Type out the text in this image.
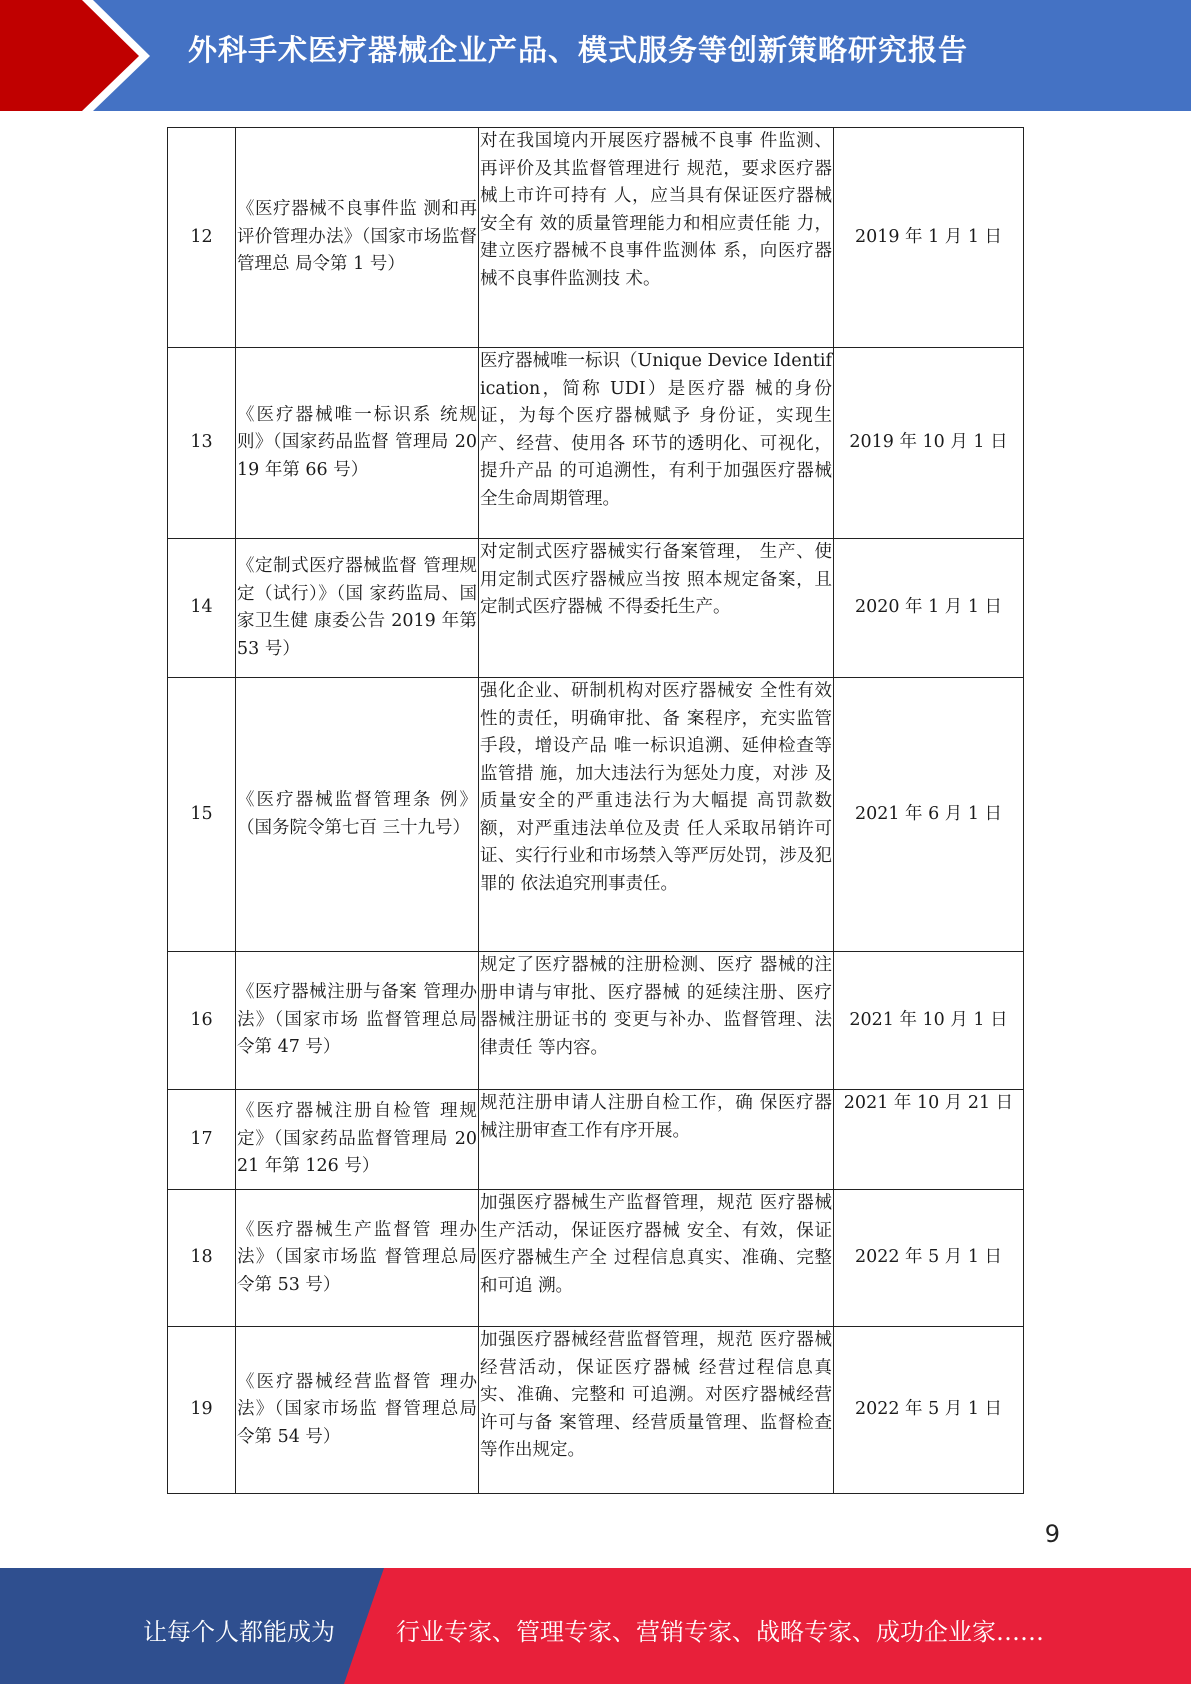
外科手术医疗器械企业产品、模式服务等创新策略研究报告
12	《医疗器械不良事件监 测和再评价管理办法》（国家市场监督管理总 局令第 1 号）	对在我国境内开展医疗器械不良事 件监测、再评价及其监督管理进行 规范，要求医疗器械上市许可持有 人，应当具有保证医疗器械安全有 效的质量管理能力和相应责任能 力，建立医疗器械不良事件监测体 系，向医疗器械不良事件监测技 术。	2019 年 1 月 1 日
13	《医疗器械唯一标识系 统规则》（国家药品监督 管理局 2019 年第 66 号）	医疗器械唯一标识（Unique Device Identification，简称 UDI）是医疗器 械的身份证，为每个医疗器械赋予 身份证，实现生产、经营、使用各 环节的透明化、可视化，提升产品 的可追溯性，有利于加强医疗器械 全生命周期管理。	2019 年 10 月 1 日
14	《定制式医疗器械监督 管理规定（试行）》（国 家药监局、国家卫生健 康委公告 2019 年第 53 号）	对定制式医疗器械实行备案管理， 生产、使用定制式医疗器械应当按 照本规定备案，且定制式医疗器械 不得委托生产。	2020 年 1 月 1 日
15	《医疗器械监督管理条 例》（国务院令第七百 三十九号）	强化企业、研制机构对医疗器械安 全性有效性的责任，明确审批、备 案程序，充实监管手段，增设产品 唯一标识追溯、延伸检查等监管措 施，加大违法行为惩处力度，对涉 及质量安全的严重违法行为大幅提 高罚款数额，对严重违法单位及责 任人采取吊销许可证、实行行业和市场禁入等严厉处罚，涉及犯罪的 依法追究刑事责任。	2021 年 6 月 1 日
16	《医疗器械注册与备案 管理办法》（国家市场 监督管理总局令第 47 号）	规定了医疗器械的注册检测、医疗 器械的注册申请与审批、医疗器械 的延续注册、医疗器械注册证书的 变更与补办、监督管理、法律责任 等内容。	2021 年 10 月 1 日
17	《医疗器械注册自检管 理规定》（国家药品监督管理局 2021 年第 126 号）	规范注册申请人注册自检工作，确 保医疗器械注册审查工作有序开展。	2021 年 10 月 21 日
18	《医疗器械生产监督管 理办法》（国家市场监 督管理总局令第 53 号）	加强医疗器械生产监督管理，规范 医疗器械生产活动，保证医疗器械 安全、有效，保证医疗器械生产全 过程信息真实、准确、完整和可追 溯。	2022 年 5 月 1 日
19	《医疗器械经营监督管 理办法》（国家市场监 督管理总局令第 54 号）	加强医疗器械经营监督管理，规范 医疗器械经营活动，保证医疗器械 经营过程信息真实、准确、完整和 可追溯。对医疗器械经营许可与备 案管理、经营质量管理、监督检查 等作出规定。	2022 年 5 月 1 日
9
让每个人都能成为	行业专家、管理专家、营销专家、战略专家、成功企业家……
